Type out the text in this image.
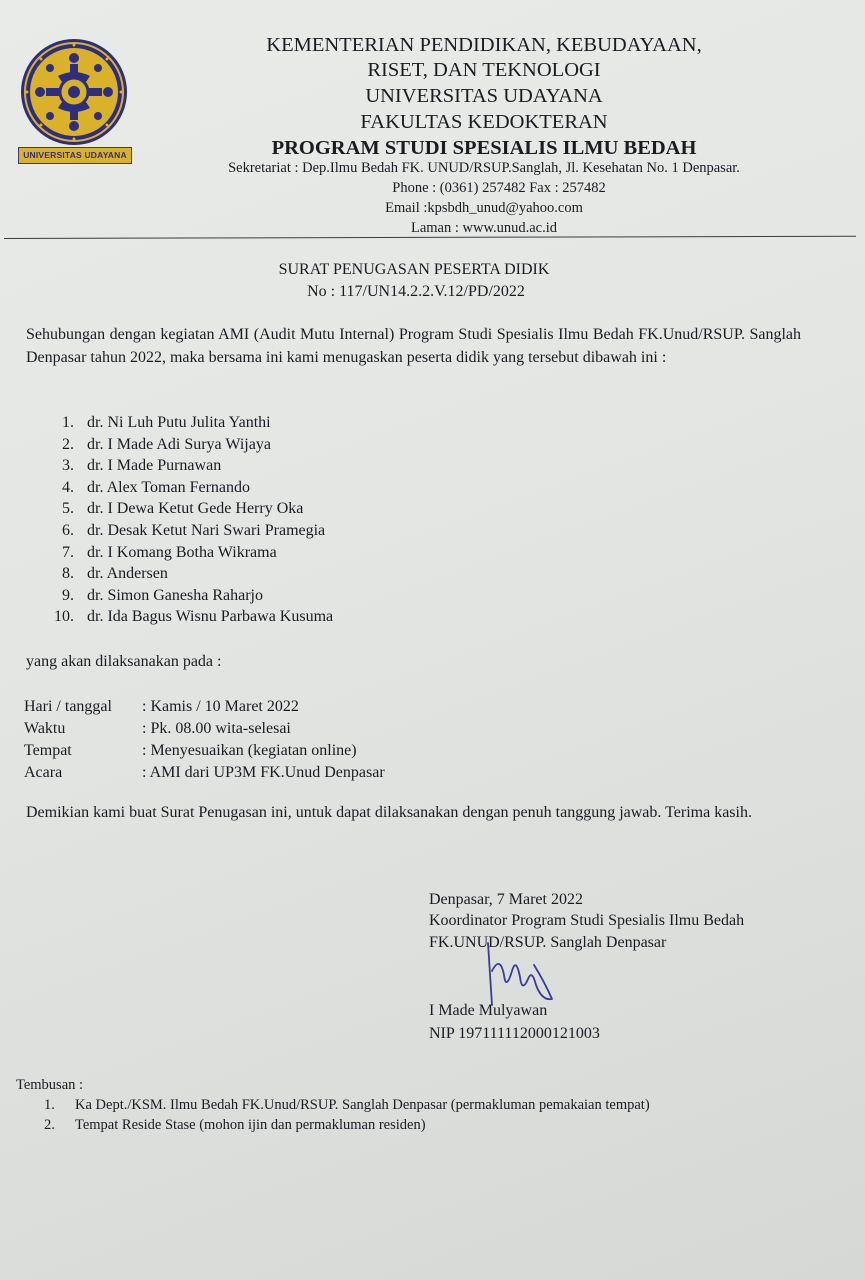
UNIVERSITAS UDAYANA
KEMENTERIAN PENDIDIKAN, KEBUDAYAAN,
RISET, DAN TEKNOLOGI
UNIVERSITAS UDAYANA
FAKULTAS KEDOKTERAN
PROGRAM STUDI SPESIALIS ILMU BEDAH
Sekretariat : Dep.Ilmu Bedah FK. UNUD/RSUP.Sanglah, Jl. Kesehatan No. 1 Denpasar.
Phone : (0361) 257482 Fax : 257482
Email :kpsbdh_unud@yahoo.com
Laman : www.unud.ac.id
SURAT PENUGASAN PESERTA DIDIK
No : 117/UN14.2.2.V.12/PD/2022
Sehubungan dengan kegiatan AMI (Audit Mutu Internal) Program Studi Spesialis Ilmu Bedah FK.Unud/RSUP. Sanglah Denpasar tahun 2022, maka bersama ini kami menugaskan peserta didik yang tersebut dibawah ini :
1. dr. Ni Luh Putu Julita Yanthi
2. dr. I Made Adi Surya Wijaya
3. dr. I Made Purnawan
4. dr. Alex Toman Fernando
5. dr. I Dewa Ketut Gede Herry Oka
6. dr. Desak Ketut Nari Swari Pramegia
7. dr. I Komang Botha Wikrama
8. dr. Andersen
9. dr. Simon Ganesha Raharjo
10. dr. Ida Bagus Wisnu Parbawa Kusuma
yang akan dilaksanakan pada :
Hari / tanggal : Kamis / 10 Maret 2022
Waktu	: Pk. 08.00 wita-selesai
Tempat	: Menyesuaikan (kegiatan online)
Acara	: AMI dari UP3M FK.Unud Denpasar
Demikian kami buat Surat Penugasan ini, untuk dapat dilaksanakan dengan penuh tanggung jawab. Terima kasih.
Denpasar, 7 Maret 2022
Koordinator Program Studi Spesialis Ilmu Bedah
FK.UNUD/RSUP. Sanglah Denpasar
I Made Mulyawan
NIP 197111112000121003
Tembusan :
1. Ka Dept./KSM. Ilmu Bedah FK.Unud/RSUP. Sanglah Denpasar (permakluman pemakaian tempat)
2. Tempat Reside Stase (mohon ijin dan permakluman residen)
